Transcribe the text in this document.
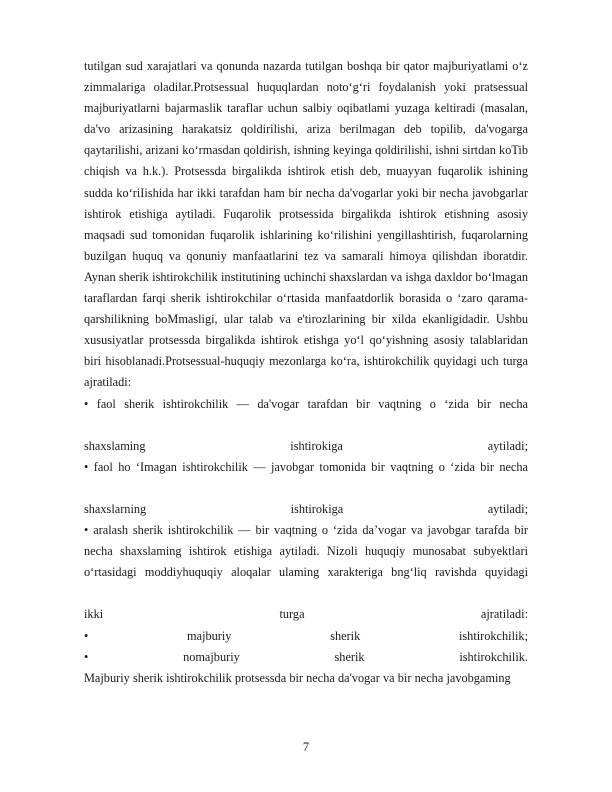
tutilgan sud xarajatlari va qonunda nazarda tutilgan boshqa bir qator majburiyatlami o‘z zimmalariga oladilar.Protsessual huquqlardan noto‘g‘ri foydalanish yoki pratsessual majburiyatlarni bajarmaslik taraflar uchun salbiy oqibatlami yuzaga keltiradi (masalan, da'vo arizasining harakatsiz qoldirilishi, ariza berilmagan deb topilib, da'vogarga qaytarilishi, arizani ko‘rmasdan qoldirish, ishning keyinga qoldirilishi, ishni sirtdan koTib chiqish va h.k.). Protsessda birgalikda ishtirok etish deb, muayyan fuqarolik ishining sudda ko‘riIishida har ikki tarafdan ham bir necha da'vogarlar yoki bir necha javobgarlar ishtirok etishiga aytiladi. Fuqarolik protsessida birgalikda ishtirok etishning asosiy maqsadi sud tomonidan fuqarolik ishlarining ko‘rilishini yengillashtirish, fuqarolarning buzilgan huquq va qonuniy manfaatlarini tez va samarali himoya qilishdan iboratdir. Aynan sherik ishtirokchilik institutining uchinchi shaxslardan va ishga daxldor bo‘lmagan taraflardan farqi sherik ishtirokchilar o‘rtasida manfaatdorlik borasida o ‘zaro qarama-qarshilikning boMmasligi, ular talab va e'tirozlarining bir xilda ekanligidadir. Ushbu xususiyatlar protsessda birgalikda ishtirok etishga yo‘l qo‘yishning asosiy talablaridan biri hisoblanadi.Protsessual-huquqiy mezonlarga ko‘ra, ishtirokchilik quyidagi uch turga ajratiladi:

• faol sherik ishtirokchilik — da'vogar tarafdan bir vaqtning o ‘zida bir necha
shaxslaming	ishtirokiga	aytiladi;
• faol ho ‘Imagan ishtirokchilik — javobgar tomonida bir vaqtning o ‘zida bir necha
shaxslarning	ishtirokiga	aytiladi;
• aralash sherik ishtirokchilik — bir vaqtning o ‘zida da’vogar va javobgar tarafda bir necha shaxslaming ishtirok etishiga aytiladi. Nizoli huquqiy munosabat subyektlari o‘rtasidagi moddiyhuquqiy aloqalar ulaming xarakteriga bng‘liq ravishda quyidagi
ikki	turga	ajratiladi:
•	majburiy	sherik	ishtirokchilik;
•	nomajburiy	sherik	ishtirokchilik.

Majburiy sherik ishtirokchilik protsessda bir necha da'vogar va bir necha javobgaming

7
